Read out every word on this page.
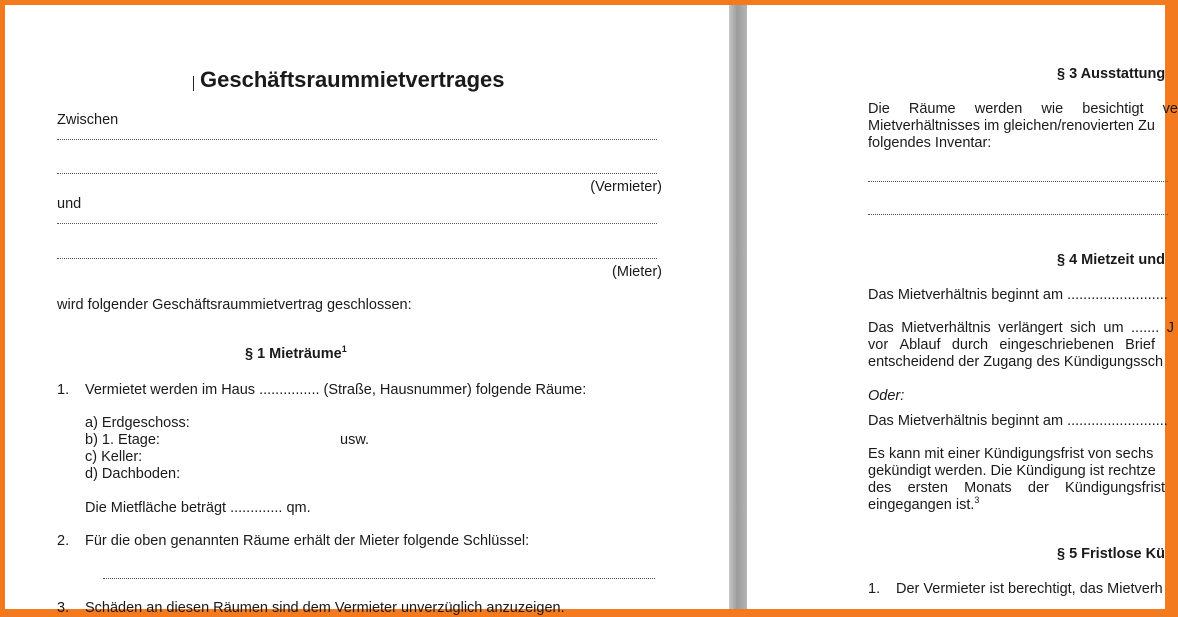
Geschäftsraummietvertrages
Zwischen
(Vermieter)
und
(Mieter)
wird folgender Geschäftsraummietvertrag geschlossen:
§ 1 Mieträume$^1$
1. Vermietet werden im Haus ............... (Straße, Hausnummer) folgende Räume:
a) Erdgeschoss:
b) 1. Etage:	usw.
c) Keller:
d) Dachboden:
Die Mietfläche beträgt ............. qm.
2. Für die oben genannten Räume erhält der Mieter folgende Schlüssel:
3. Schäden an diesen Räumen sind dem Vermieter unverzüglich anzuzeigen.
§ 3 Ausstattung
Die Räume werden wie besichtigt ve
Mietverhältnisses im gleichen/renovierten Zu
folgendes Inventar:
§ 4 Mietzeit und
Das Mietverhältnis beginnt am .........................
Das Mietverhältnis verlängert sich um ....... J
vor Ablauf durch eingeschriebenen Brief
entscheidend der Zugang des Kündigungssch
Oder:
Das Mietverhältnis beginnt am .........................
Es kann mit einer Kündigungsfrist von sechs
gekündigt werden. Die Kündigung ist rechtze
des ersten Monats der Kündigungsfrist
eingegangen ist.$^3$
§ 5 Fristlose Kü
1. Der Vermieter ist berechtigt, das Mietverh
